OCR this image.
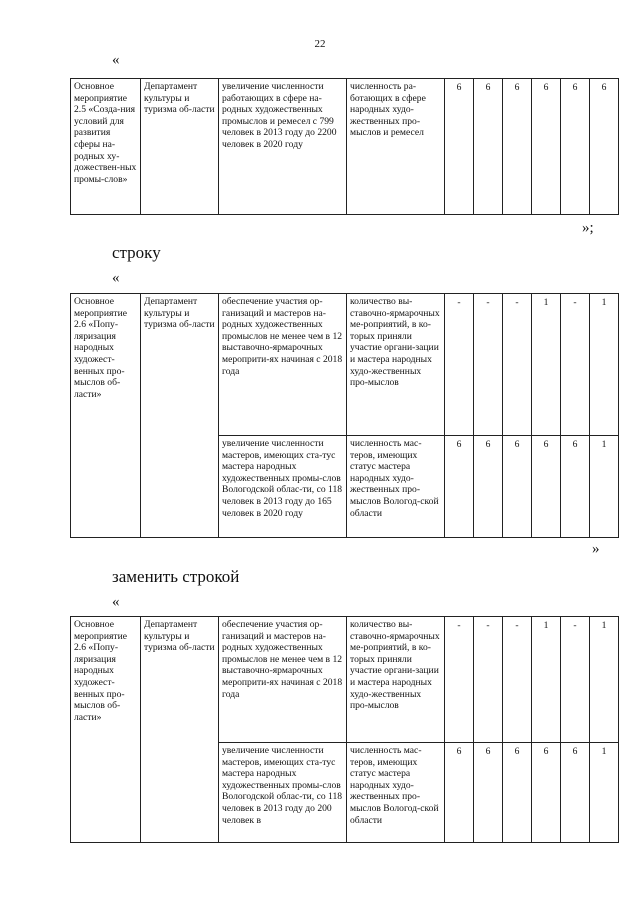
22
«
Основное мероприятие 2.5 «Созда-ния условий для развития сферы на-родных ху-дожествен-ных промы-слов»	Департамент культуры и туризма об-ласти	увеличение численности работающих в сфере на-родных художественных промыслов и ремесел с 799 человек в 2013 году до 2200 человек в 2020 году	численность ра-ботающих в сфере народных худо-жественных про-мыслов и ремесел	6	6	6	6	6	6
»;
строку
«
Основное мероприятие 2.6 «Попу-ляризация народных художест-венных про-мыслов об-ласти»	Департамент культуры и туризма об-ласти	обеспечение участия ор-ганизаций и мастеров на-родных художественных промыслов не менее чем в 12 выставочно-ярмарочных мероприти-ях начиная с 2018 года	количество вы-ставочно-ярмарочных ме-роприятий, в ко-торых приняли участие органи-зации и мастера народных худо-жественных про-мыслов	-	-	-	1	-	1
		увеличение численности мастеров, имеющих ста-тус мастера народных художественных промы-слов Вологодской облас-ти, со 118 человек в 2013 году до 165 человек в 2020 году	численность мас-теров, имеющих статус мастера народных худо-жественных про-мыслов Вологод-ской области	6	6	6	6	6	1
»
заменить строкой
«
Основное мероприятие 2.6 «Попу-ляризация народных художест-венных про-мыслов об-ласти»	Департамент культуры и туризма об-ласти	обеспечение участия ор-ганизаций и мастеров на-родных художественных промыслов не менее чем в 12 выставочно-ярмарочных мероприти-ях начиная с 2018 года	количество вы-ставочно-ярмарочных ме-роприятий, в ко-торых приняли участие органи-зации и мастера народных худо-жественных про-мыслов	-	-	-	1	-	1
		увеличение численности мастеров, имеющих ста-тус мастера народных художественных промы-слов Вологодской облас-ти, со 118 человек в 2013 году до 200 человек в	численность мас-теров, имеющих статус мастера народных худо-жественных про-мыслов Вологод-ской области	6	6	6	6	6	1
